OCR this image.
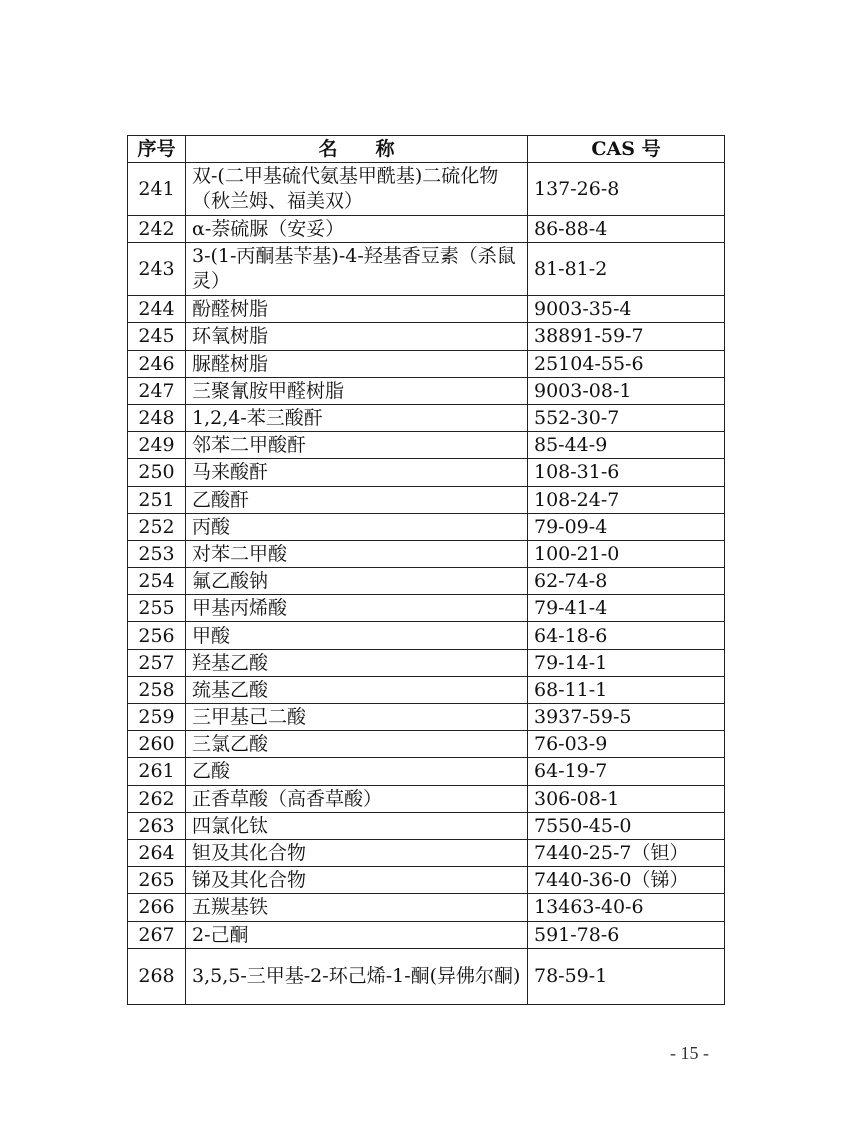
序号	名　　称	CAS 号
241	双-(二甲基硫代氨基甲酰基)二硫化物（秋兰姆、福美双）	137-26-8
242	α-萘硫脲（安妥）	86-88-4
243	3-(1-丙酮基苄基)-4-羟基香豆素（杀鼠灵）	81-81-2
244	酚醛树脂	9003-35-4
245	环氧树脂	38891-59-7
246	脲醛树脂	25104-55-6
247	三聚氰胺甲醛树脂	9003-08-1
248	1,2,4-苯三酸酐	552-30-7
249	邻苯二甲酸酐	85-44-9
250	马来酸酐	108-31-6
251	乙酸酐	108-24-7
252	丙酸	79-09-4
253	对苯二甲酸	100-21-0
254	氟乙酸钠	62-74-8
255	甲基丙烯酸	79-41-4
256	甲酸	64-18-6
257	羟基乙酸	79-14-1
258	巯基乙酸	68-11-1
259	三甲基己二酸	3937-59-5
260	三氯乙酸	76-03-9
261	乙酸	64-19-7
262	正香草酸（高香草酸）	306-08-1
263	四氯化钛	7550-45-0
264	钽及其化合物	7440-25-7（钽）
265	锑及其化合物	7440-36-0（锑）
266	五羰基铁	13463-40-6
267	2-己酮	591-78-6
268	3,5,5-三甲基-2-环己烯-1-酮(异佛尔酮)	78-59-1
- 15 -
